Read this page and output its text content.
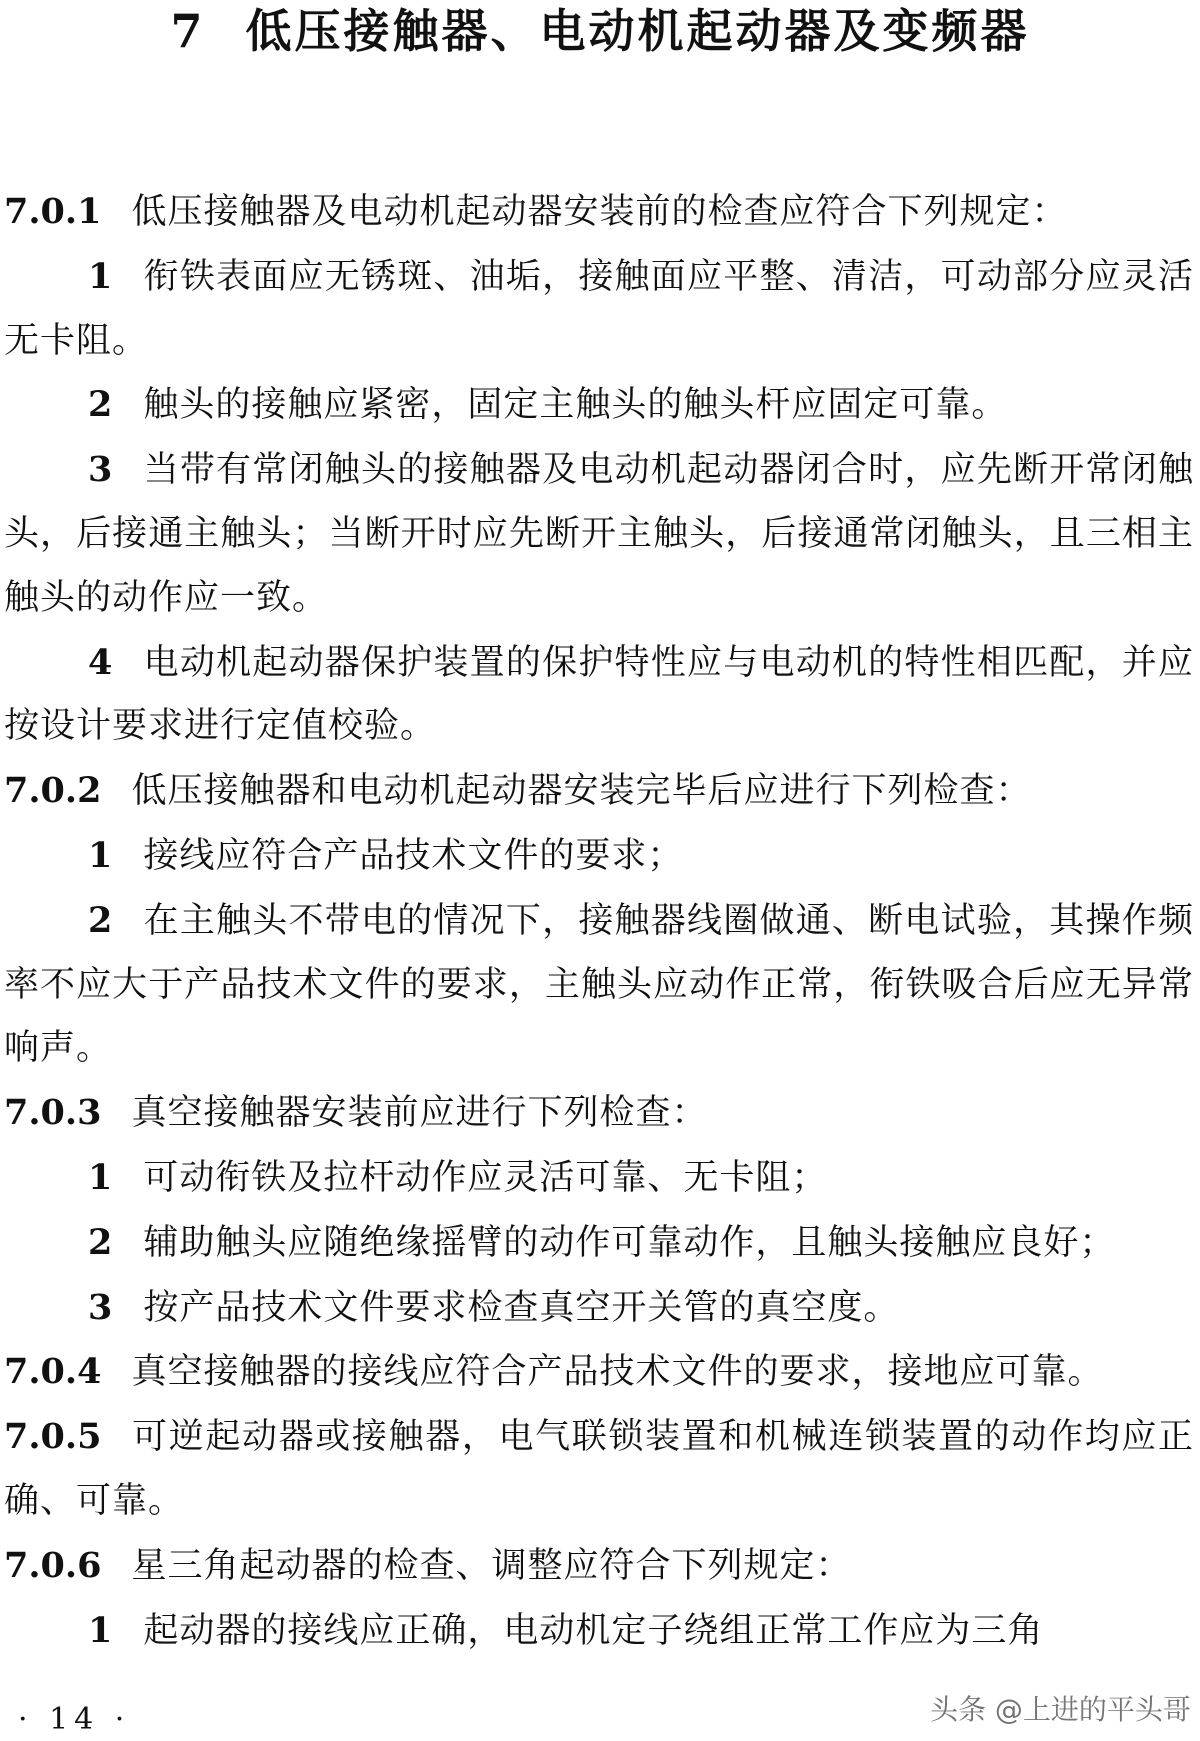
7 低压接触器、电动机起动器及变频器

7.0.1 低压接触器及电动机起动器安装前的检查应符合下列规定：

1 衔铁表面应无锈斑、油垢，接触面应平整、清洁，可动部分应灵活无卡阻。

2 触头的接触应紧密，固定主触头的触头杆应固定可靠。

3 当带有常闭触头的接触器及电动机起动器闭合时，应先断开常闭触头，后接通主触头；当断开时应先断开主触头，后接通常闭触头，且三相主触头的动作应一致。

4 电动机起动器保护装置的保护特性应与电动机的特性相匹配，并应按设计要求进行定值校验。

7.0.2 低压接触器和电动机起动器安装完毕后应进行下列检查：

1 接线应符合产品技术文件的要求；

2 在主触头不带电的情况下，接触器线圈做通、断电试验，其操作频率不应大于产品技术文件的要求，主触头应动作正常，衔铁吸合后应无异常响声。

7.0.3 真空接触器安装前应进行下列检查：

1 可动衔铁及拉杆动作应灵活可靠、无卡阻；

2 辅助触头应随绝缘摇臂的动作可靠动作，且触头接触应良好；

3 按产品技术文件要求检查真空开关管的真空度。

7.0.4 真空接触器的接线应符合产品技术文件的要求，接地应可靠。

7.0.5 可逆起动器或接触器，电气联锁装置和机械连锁装置的动作均应正确、可靠。

7.0.6 星三角起动器的检查、调整应符合下列规定：

1 起动器的接线应正确，电动机定子绕组正常工作应为三角

· 14 ·	头条 @上进的平头哥
